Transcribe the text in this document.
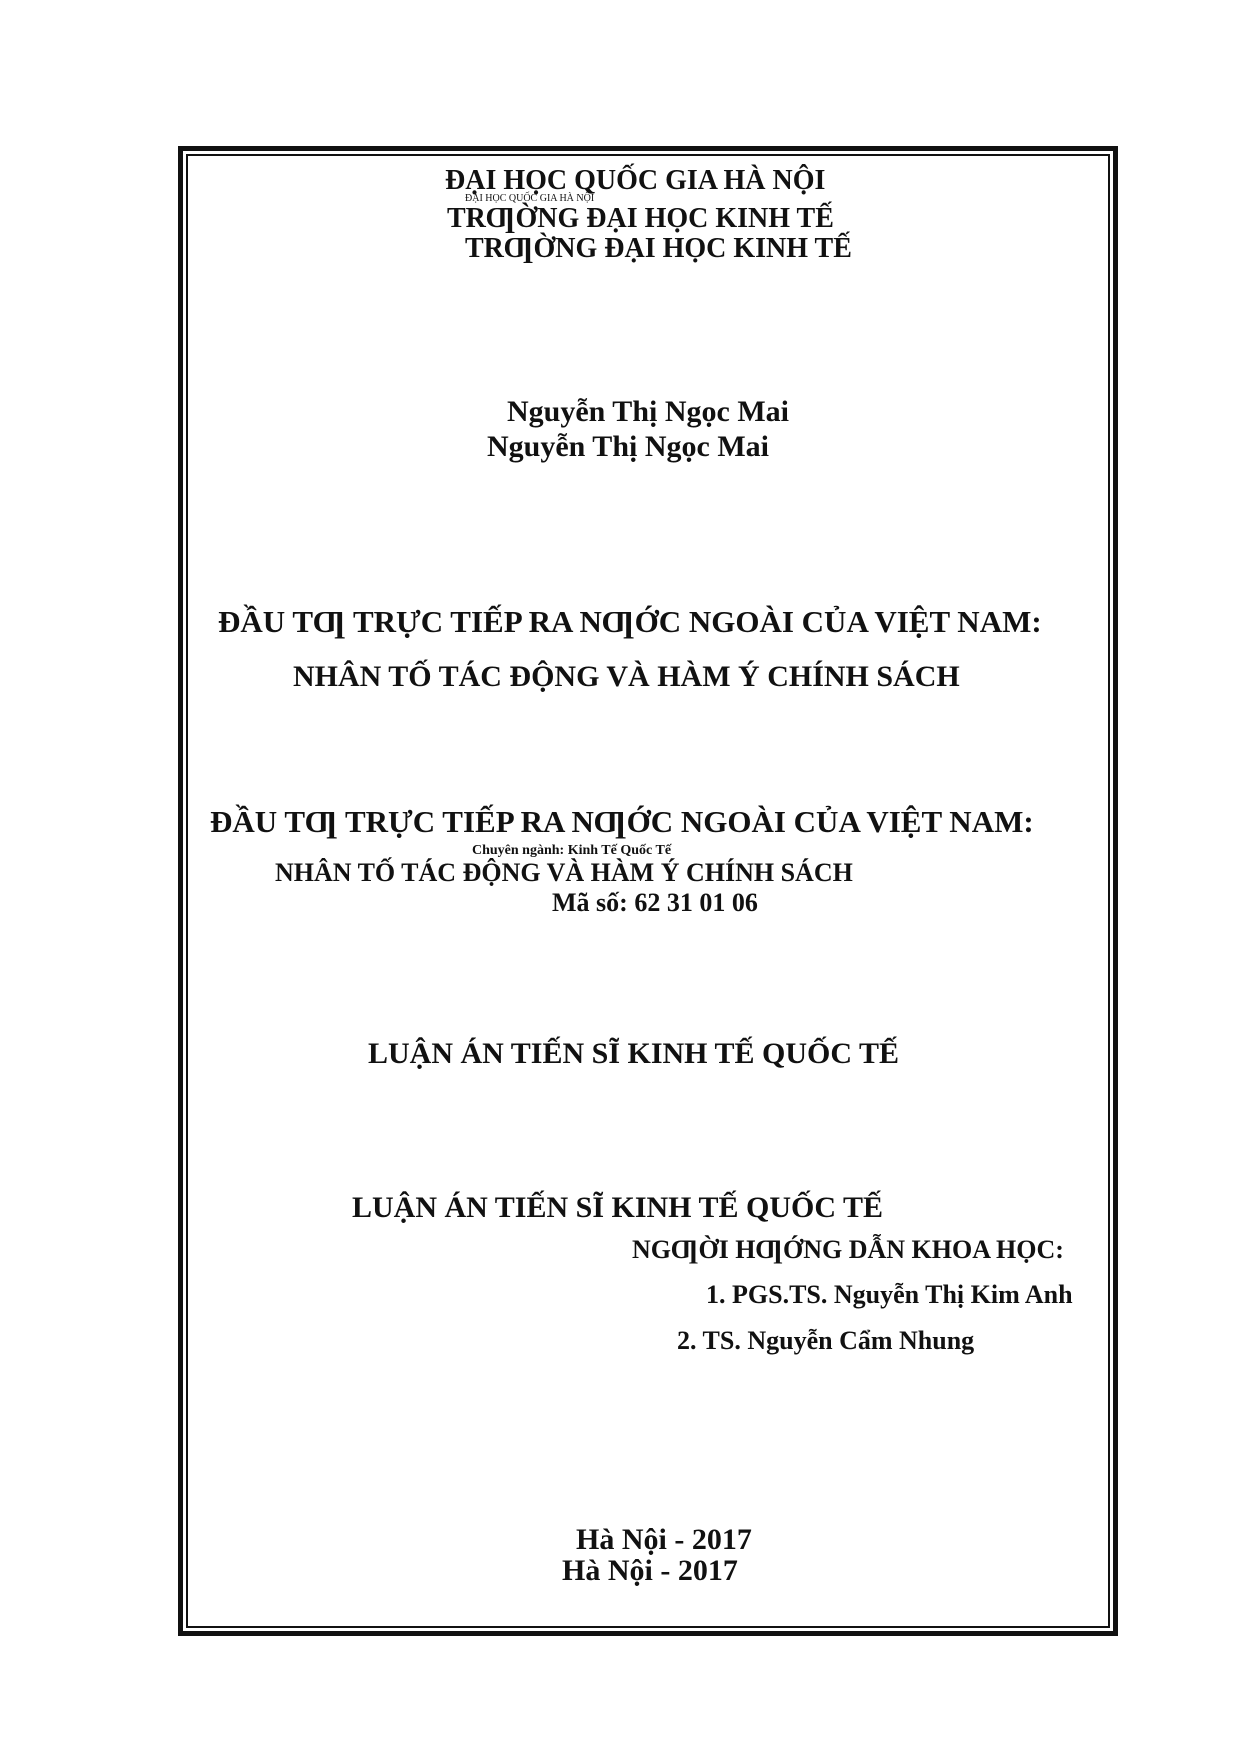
ĐẠI HỌC QUỐC GIA HÀ NỘI
ĐẠI HỌC QUỐC GIA HÀ NỘI
TRƢỜNG ĐẠI HỌC KINH TẾ
TRƢỜNG ĐẠI HỌC KINH TẾ
Nguyễn Thị Ngọc Mai
Nguyễn Thị Ngọc Mai
ĐẦU TƢ TRỰC TIẾP RA NƢỚC NGOÀI CỦA VIỆT NAM:
NHÂN TỐ TÁC ĐỘNG VÀ HÀM Ý CHÍNH SÁCH
ĐẦU TƢ TRỰC TIẾP RA NƢỚC NGOÀI CỦA VIỆT NAM:
Chuyên ngành: Kinh Tế Quốc Tế
NHÂN TỐ TÁC ĐỘNG VÀ HÀM Ý CHÍNH SÁCH
Mã số: 62 31 01 06
LUẬN ÁN TIẾN SĨ KINH TẾ QUỐC TẾ
LUẬN ÁN TIẾN SĨ KINH TẾ QUỐC TẾ
NGƢỜI HƢỚNG DẪN KHOA HỌC:
1. PGS.TS. Nguyễn Thị Kim Anh
2. TS. Nguyễn Cẩm Nhung
Hà Nội - 2017
Hà Nội - 2017
